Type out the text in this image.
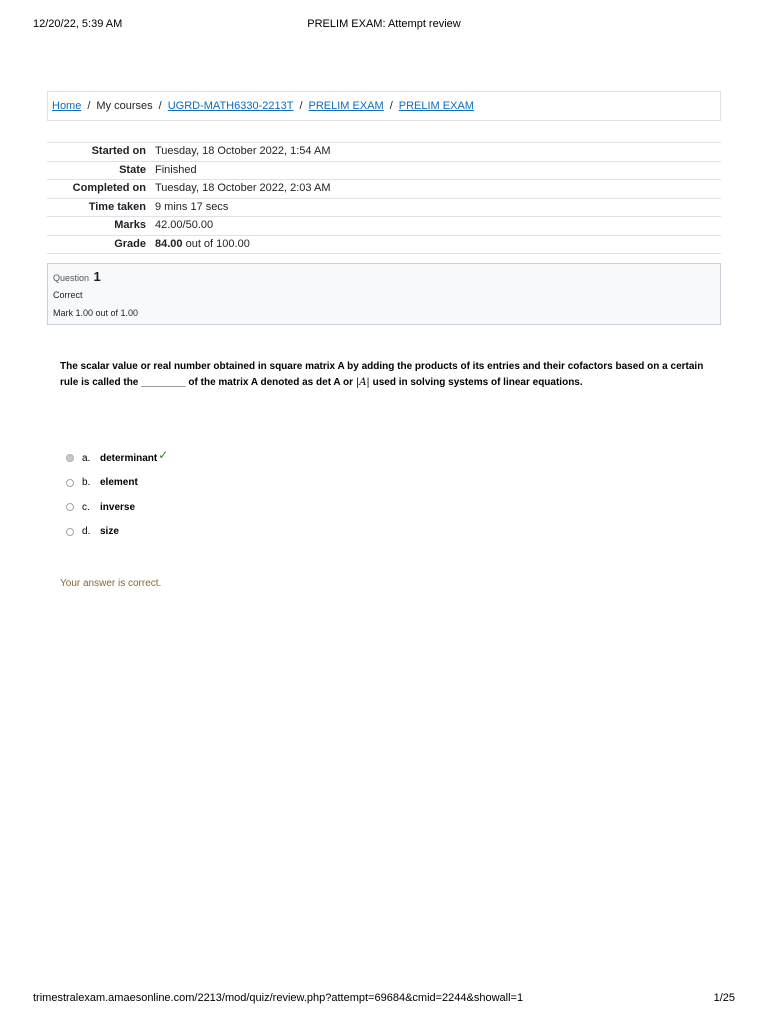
12/20/22, 5:39 AM	PRELIM EXAM: Attempt review
Home / My courses / UGRD-MATH6330-2213T / PRELIM EXAM / PRELIM EXAM
Started on	Tuesday, 18 October 2022, 1:54 AM
State	Finished
Completed on	Tuesday, 18 October 2022, 2:03 AM
Time taken	9 mins 17 secs
Marks	42.00/50.00
Grade	84.00 out of 100.00
Question 1
Correct
Mark 1.00 out of 1.00
The scalar value or real number obtained in square matrix A by adding the products of its entries and their cofactors based on a certain rule is called the ________ of the matrix A denoted as det A or |A| used in solving systems of linear equations.
a. determinant ✓
b. element
c.	inverse
d. size
Your answer is correct.
trimestralexam.amaesonline.com/2213/mod/quiz/review.php?attempt=69684&cmid=2244&showall=1	1/25
